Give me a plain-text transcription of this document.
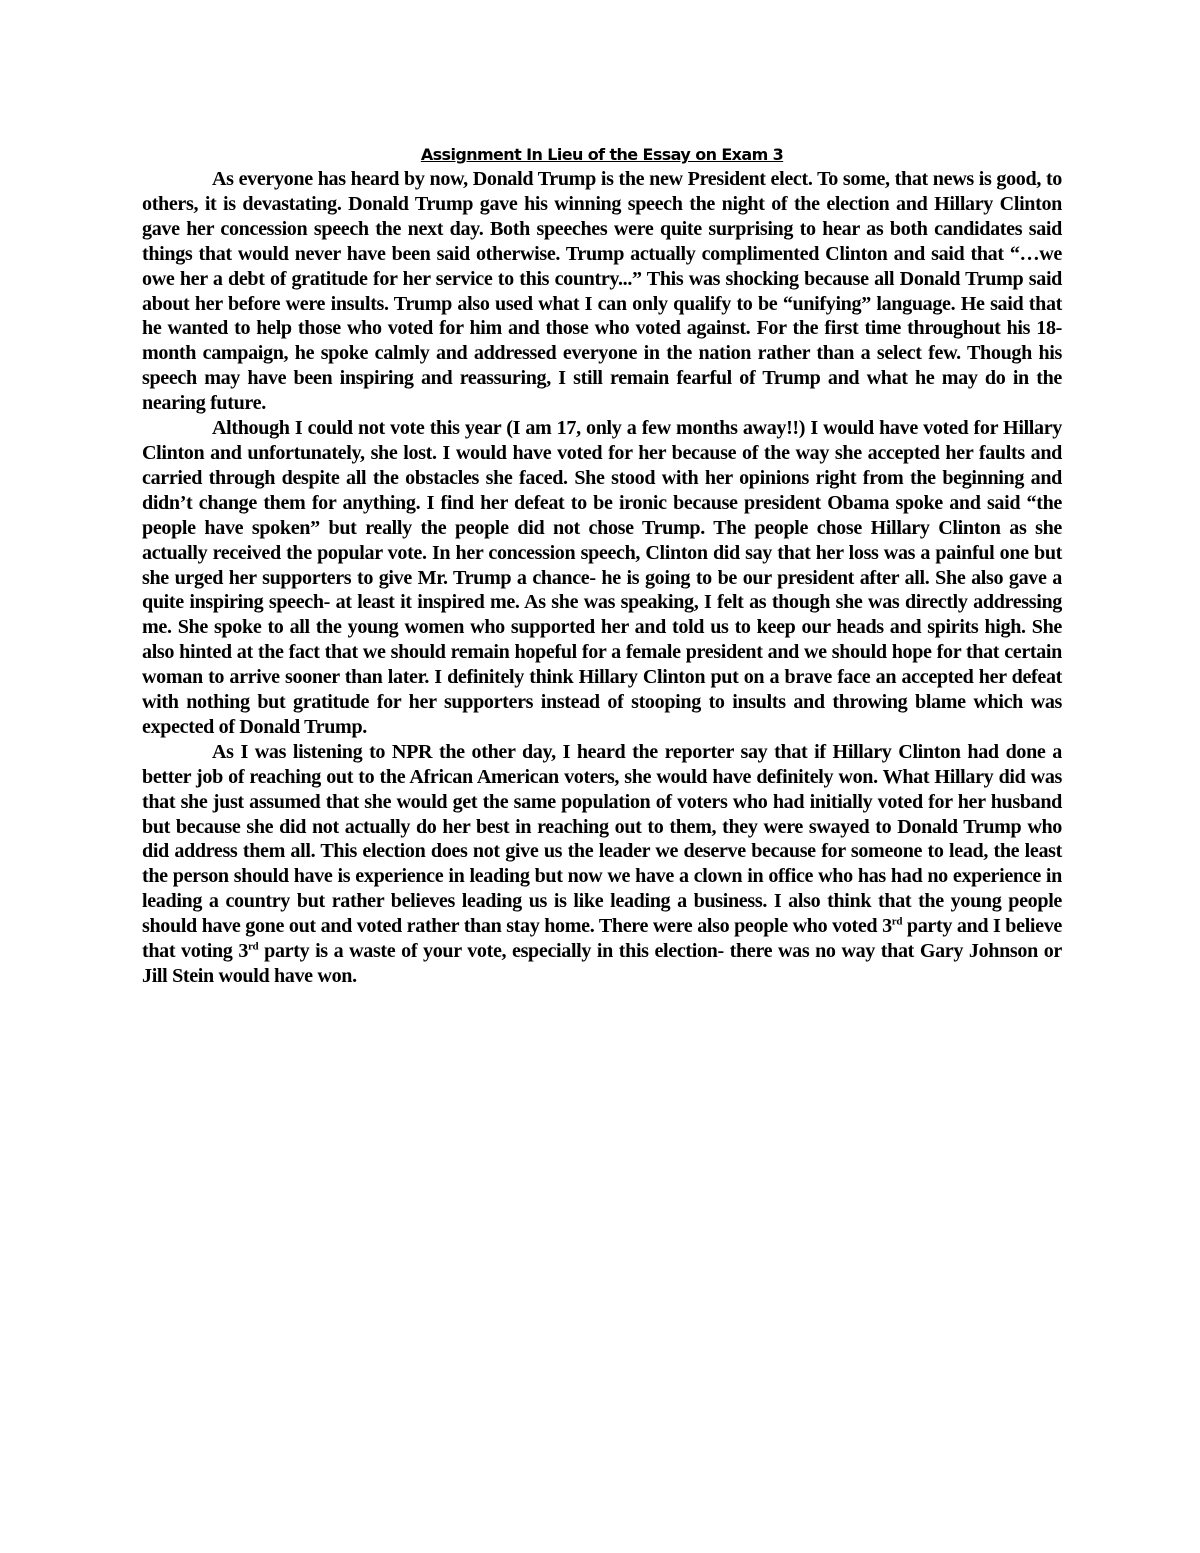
Assignment In Lieu of the Essay on Exam 3

As everyone has heard by now, Donald Trump is the new President elect. To some, that news is good, to others, it is devastating. Donald Trump gave his winning speech the night of the election and Hillary Clinton gave her concession speech the next day. Both speeches were quite surprising to hear as both candidates said things that would never have been said otherwise. Trump actually complimented Clinton and said that “…we owe her a debt of gratitude for her service to this country...” This was shocking because all Donald Trump said about her before were insults. Trump also used what I can only qualify to be “unifying” language. He said that he wanted to help those who voted for him and those who voted against. For the first time throughout his 18-month campaign, he spoke calmly and addressed everyone in the nation rather than a select few. Though his speech may have been inspiring and reassuring, I still remain fearful of Trump and what he may do in the nearing future.

Although I could not vote this year (I am 17, only a few months away!!) I would have voted for Hillary Clinton and unfortunately, she lost. I would have voted for her because of the way she accepted her faults and carried through despite all the obstacles she faced. She stood with her opinions right from the beginning and didn’t change them for anything. I find her defeat to be ironic because president Obama spoke and said “the people have spoken” but really the people did not chose Trump. The people chose Hillary Clinton as she actually received the popular vote. In her concession speech, Clinton did say that her loss was a painful one but she urged her supporters to give Mr. Trump a chance- he is going to be our president after all. She also gave a quite inspiring speech- at least it inspired me. As she was speaking, I felt as though she was directly addressing me. She spoke to all the young women who supported her and told us to keep our heads and spirits high. She also hinted at the fact that we should remain hopeful for a female president and we should hope for that certain woman to arrive sooner than later. I definitely think Hillary Clinton put on a brave face an accepted her defeat with nothing but gratitude for her supporters instead of stooping to insults and throwing blame which was expected of Donald Trump.

As I was listening to NPR the other day, I heard the reporter say that if Hillary Clinton had done a better job of reaching out to the African American voters, she would have definitely won. What Hillary did was that she just assumed that she would get the same population of voters who had initially voted for her husband but because she did not actually do her best in reaching out to them, they were swayed to Donald Trump who did address them all. This election does not give us the leader we deserve because for someone to lead, the least the person should have is experience in leading but now we have a clown in office who has had no experience in leading a country but rather believes leading us is like leading a business. I also think that the young people should have gone out and voted rather than stay home. There were also people who voted 3rd party and I believe that voting 3rd party is a waste of your vote, especially in this election- there was no way that Gary Johnson or Jill Stein would have won.
